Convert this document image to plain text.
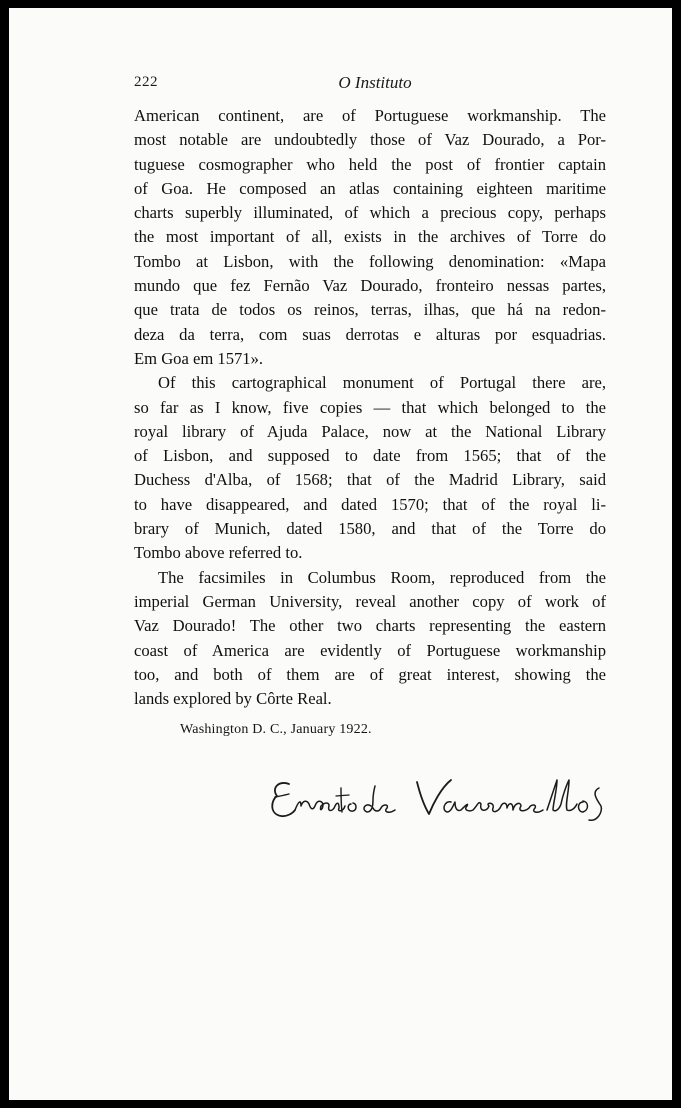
222	O Instituto
American continent, are of Portuguese workmanship. The
most notable are undoubtedly those of Vaz Dourado, a Por-
tuguese cosmographer who held the post of frontier captain
of Goa. He composed an atlas containing eighteen maritime
charts superbly illuminated, of which a precious copy, perhaps
the most important of all, exists in the archives of Torre do
Tombo at Lisbon, with the following denomination: «Mapa
mundo que fez Fernão Vaz Dourado, fronteiro nessas partes,
que trata de todos os reinos, terras, ilhas, que há na redon-
deza da terra, com suas derrotas e alturas por esquadrias.
Em Goa em 1571».
Of this cartographical monument of Portugal there are,
so far as I know, five copies — that which belonged to the
royal library of Ajuda Palace, now at the National Library
of Lisbon, and supposed to date from 1565; that of the
Duchess d'Alba, of 1568; that of the Madrid Library, said
to have disappeared, and dated 1570; that of the royal li-
brary of Munich, dated 1580, and that of the Torre do
Tombo above referred to.
The facsimiles in Columbus Room, reproduced from the
imperial German University, reveal another copy of work of
Vaz Dourado! The other two charts representing the eastern
coast of America are evidently of Portuguese workmanship
too, and both of them are of great interest, showing the
lands explored by Côrte Real.
Washington D. C., January 1922.
